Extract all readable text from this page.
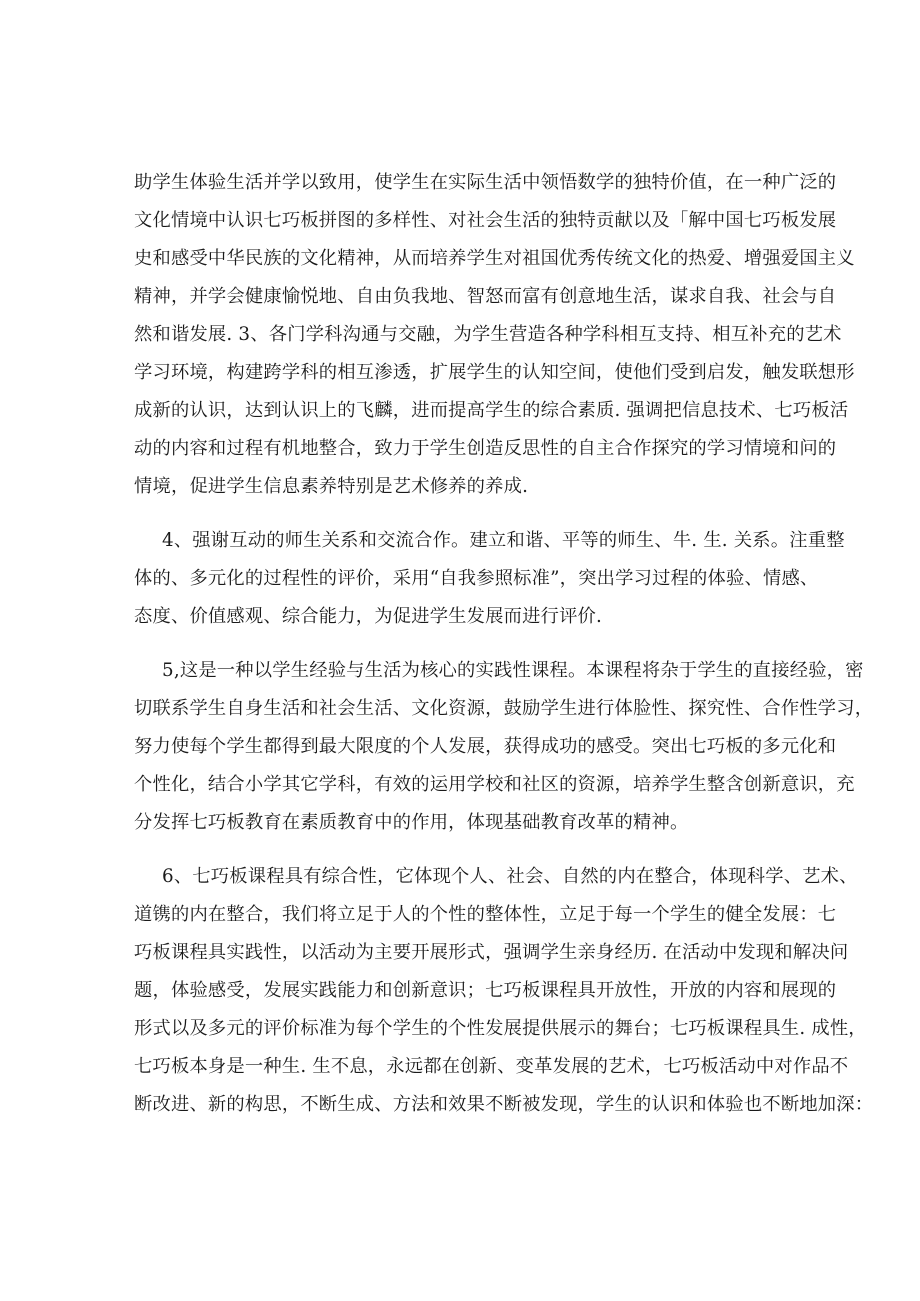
助学生体验生活并学以致用，使学生在实际生活中领悟数学的独特价值，在一种广泛的
文化情境中认识七巧板拼图的多样性、对社会生活的独特贡献以及「解中国七巧板发展
史和感受中华民族的文化精神，从而培养学生对祖国优秀传统文化的热爱、增强爱国主义
精神，并学会健康愉悦地、自由负我地、智怒而富有创意地生活，谋求自我、社会与自
然和谐发展. 3、各门学科沟通与交融，为学生营造各种学科相互支持、相互补充的艺术
学习环境，构建跨学科的相互渗透，扩展学生的认知空间，使他们受到启发，触发联想形
成新的认识，达到认识上的飞麟，进而提高学生的综合素质. 强调把信息技术、七巧板活
动的内容和过程有机地整合，致力于学生创造反思性的自主合作探究的学习情境和问的
情境，促进学生信息素养特别是艺术修养的养成.
4、强谢互动的师生关系和交流合作。建立和谐、平等的师生、牛. 生. 关系。注重整
体的、多元化的过程性的评价，采用“自我参照标准”，突出学习过程的体验、情感、
态度、价值感观、综合能力，为促进学生发展而进行评价.
5,这是一种以学生经验与生活为核心的实践性课程。本课程将杂于学生的直接经验，密
切联系学生自身生活和社会生活、文化资源，鼓励学生进行体脸性、探究性、合作性学习，
努力使每个学生都得到最大限度的个人发展，获得成功的感受。突出七巧板的多元化和
个性化，结合小学其它学科，有效的运用学校和社区的资源，培养学生整含创新意识，充
分发挥七巧板教育在素质教育中的作用，体现基础教育改革的精神。
6、七巧板课程具有综合性，它体现个人、社会、自然的内在整合，体现科学、艺术、
道镌的内在整合，我们将立足于人的个性的整体性，立足于每一个学生的健全发展：七
巧板课程具实践性，以活动为主要开展形式，强调学生亲身经历. 在活动中发现和解决问
题，体验感受，发展实践能力和创新意识；七巧板课程具开放性，开放的内容和展现的
形式以及多元的评价标准为每个学生的个性发展提供展示的舞台；七巧板课程具生. 成性，
七巧板本身是一种生. 生不息，永远都在创新、变革发展的艺术，七巧板活动中对作品不
断改进、新的构思，不断生成、方法和效果不断被发现，学生的认识和体验也不断地加深：
